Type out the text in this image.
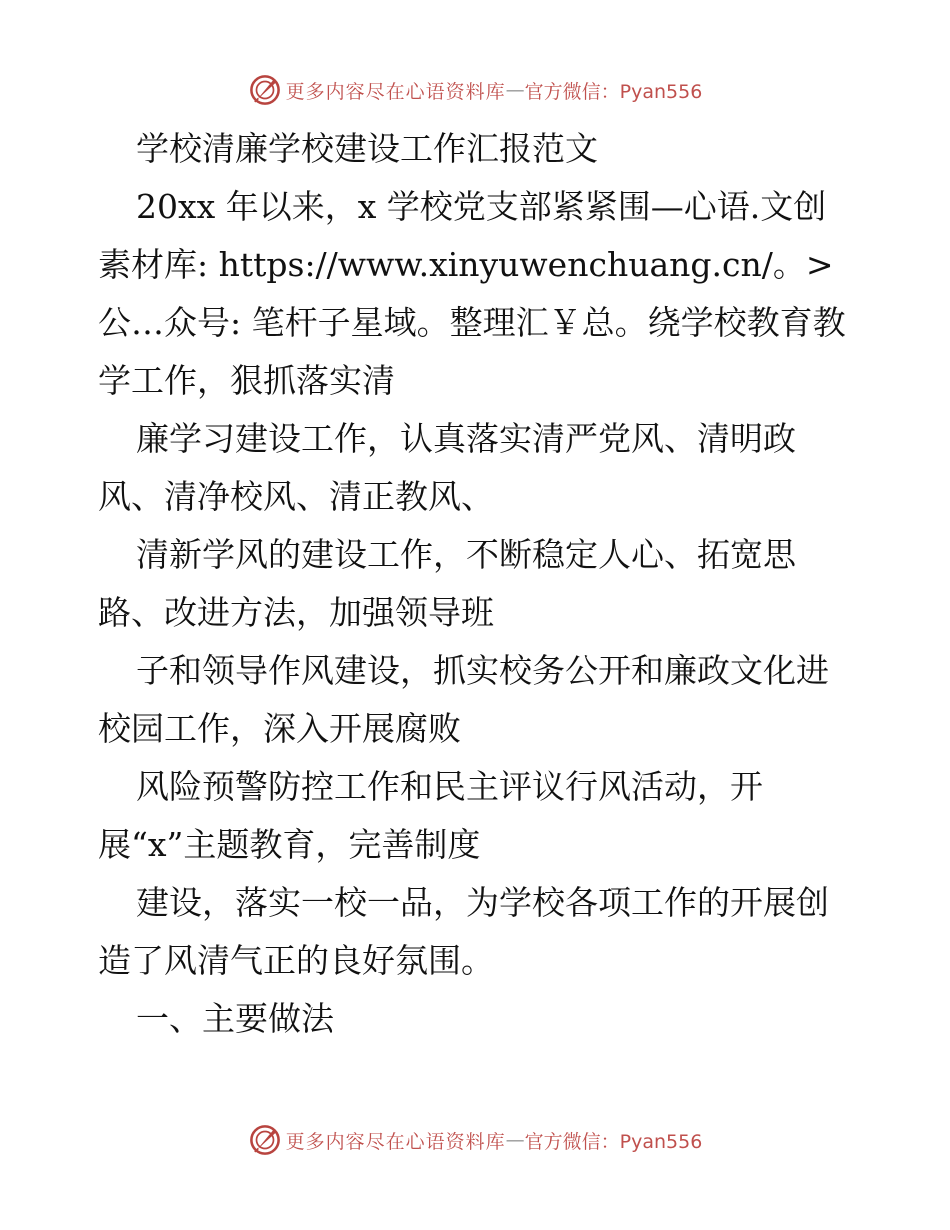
更多内容尽在心语资料库 — 官方微信：Pyan556

学校清廉学校建设工作汇报范文

20xx 年以来，x 学校党支部紧紧围—心语.文创素材库: https://www.xinyuwenchuang.cn/。> 公…众号: 笔杆子星域。整理汇￥总。绕学校教育教学工作，狠抓落实清

廉学习建设工作，认真落实清严党风、清明政风、清净校风、清正教风、

清新学风的建设工作，不断稳定人心、拓宽思路、改进方法，加强领导班

子和领导作风建设，抓实校务公开和廉政文化进校园工作，深入开展腐败

风险预警防控工作和民主评议行风活动，开展“x”主题教育，完善制度

建设，落实一校一品，为学校各项工作的开展创造了风清气正的良好氛围。

一、主要做法

更多内容尽在心语资料库 — 官方微信：Pyan556
